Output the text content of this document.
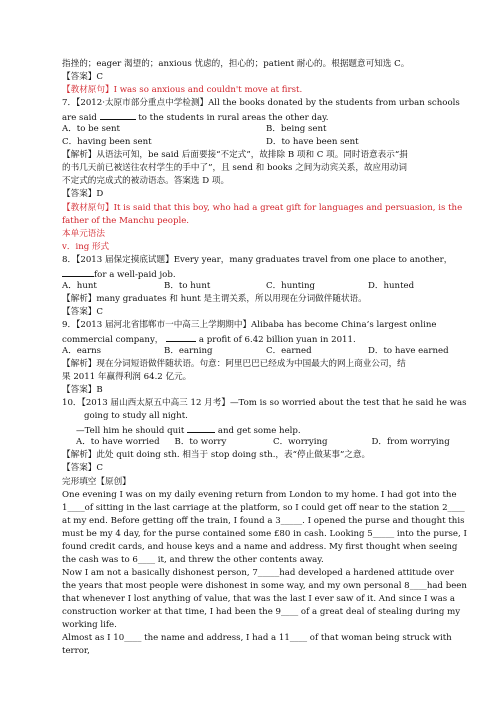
指挫的；eager 渴望的；anxious 忧虑的，担心的；patient 耐心的。根据题意可知选 C。
【答案】C
【教材原句】I was so anxious and couldn't move at first.
7．【2012·太原市部分重点中学检测】All the books donated by the students from urban schools
are said	to the students in rural areas the other day.
A．to be sent	B．being sent
C．having been sent	D．to have been sent
【解析】从语法可知，be said 后面要接“不定式”，故排除 B 项和 C 项。同时语意表示“捐
的书几天前已被送往农村学生的手中了”，且 send 和 books 之间为动宾关系，故应用动词
不定式的完成式的被动语态。答案选 D 项。
【答案】D
【教材原句】It is said that this boy, who had a great gift for languages and persuasion, is the
father of the Manchu people.
本单元语法
v．ing 形式
8．【2013 届保定摸底试题】Every year，many graduates travel from one place to another，
for a well-paid job.
A．hunt	B．to hunt	C．hunting	D．hunted
【解析】many graduates 和 hunt 是主谓关系，所以用现在分词做伴随状语。
【答案】C
9．【2013 届河北省邯郸市一中高三上学期期中】Alibaba has become China’s largest online
commercial company，	a profit of 6.42 billion yuan in 2011.
A．earns	B．earning	C．earned	D．to have earned
【解析】现在分词短语做伴随状语。句意：阿里巴巴已经成为中国最大的网上商业公司，结
果 2011 年赢得利润 64.2 亿元。
【答案】B
10．【2013 届山西太原五中高三 12 月考】—Tom is so worried about the test that he said he was
going to study all night.
—Tell him he should quit	and get some help.
A．to have worried	B．to worry	C．worrying	D．from worrying
【解析】此处 quit doing sth. 相当于 stop doing sth.，表“停止做某事”之意。
【答案】C
完形填空【原创】
One evening I was on my daily evening return from London to my home. I had got into the 1____of sitting in the last carriage at the platform, so I could get off near to the station 2____ at my end. Before getting off the train, I found a 3_____. I opened the purse and thought this must be my 4 day, for the purse contained some £80 in cash. Looking 5_____ into the purse, I found credit cards, and house keys and a name and address. My first thought when seeing the cash was to 6____ it, and threw the other contents away.
Now I am not a basically dishonest person, 7_____had developed a hardened attitude over the years that most people were dishonest in some way, and my own personal 8____had been that whenever I lost anything of value, that was the last I ever saw of it. And since I was a construction worker at that time, I had been the 9____ of a great deal of stealing during my working life.
Almost as I 10____ the name and address, I had a 11____ of that woman being struck with terror,
